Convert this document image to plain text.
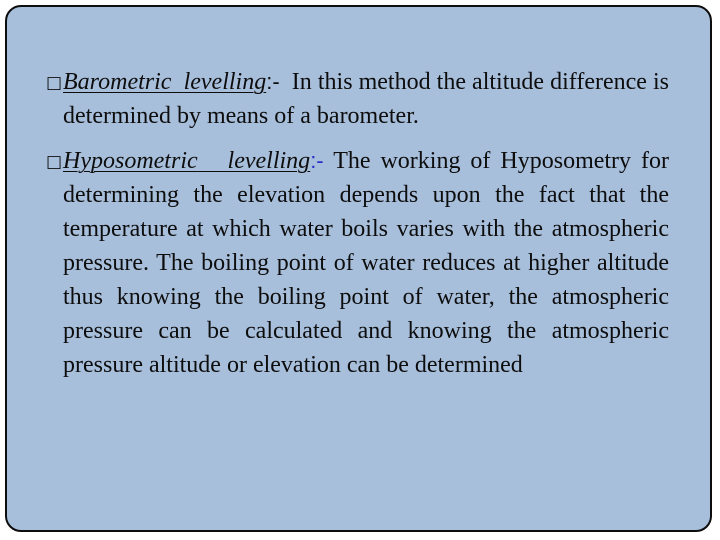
□ Barometric levelling:- In this method the altitude difference is determined by means of a barometer.
□ Hyposometric levelling:- The working of Hyposometry for determining the elevation depends upon the fact that the temperature at which water boils varies with the atmospheric pressure. The boiling point of water reduces at higher altitude thus knowing the boiling point of water, the atmospheric pressure can be calculated and knowing the atmospheric pressure altitude or elevation can be determined
